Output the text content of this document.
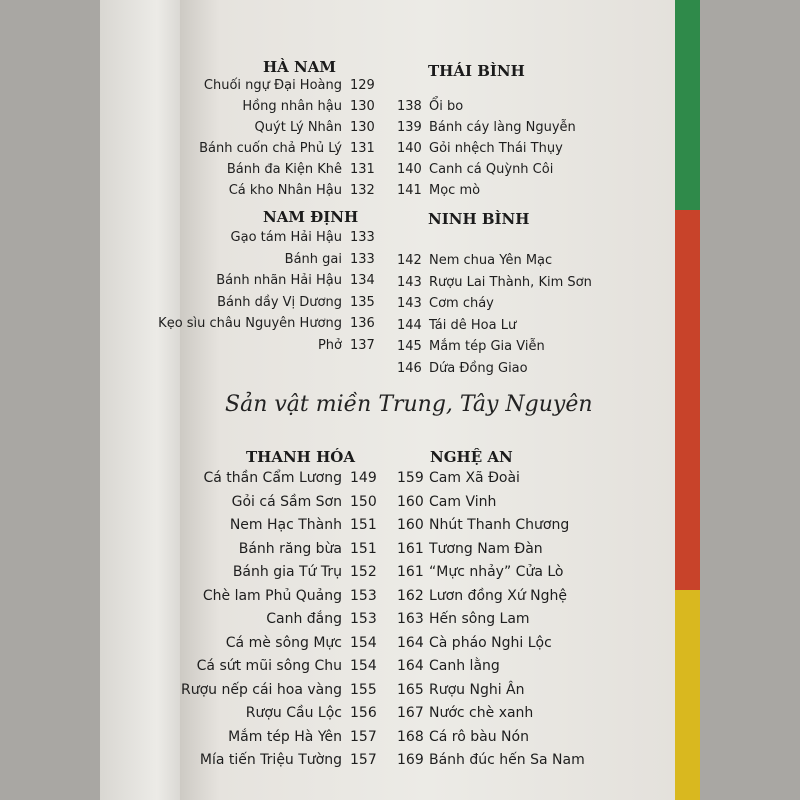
HÀ NAM
Chuối ngự Đại Hoàng 129
Hồng nhân hậu 130
Quýt Lý Nhân 130
Bánh cuốn chả Phủ Lý 131
Bánh đa Kiện Khê 131
Cá kho Nhân Hậu 132
THÁI BÌNH
Ổi bo
138
Bánh cáy làng Nguyễn
139
Gỏi nhệch Thái Thụy
140
Canh cá Quỳnh Côi
140
Mọc mò
141
NAM ĐỊNH
Gạo tám Hải Hậu 133
Bánh gai 133
Bánh nhãn Hải Hậu 134
Bánh dầy Vị Dương 135
Kẹo sìu châu Nguyên Hương 136
Phở 137
NINH BÌNH
Nem chua Yên Mạc
142
Rượu Lai Thành, Kim Sơn
143
Cơm cháy
143
Tái dê Hoa Lư
144
Mắm tép Gia Viễn
145
Dứa Đồng Giao
146
THANH HÓA
Cá thần Cẩm Lương 149
Gỏi cá Sầm Sơn 150
Nem Hạc Thành 151
Bánh răng bừa 151
Bánh gia Tứ Trụ 152
Chè lam Phủ Quảng 153
Canh đắng 153
Cá mè sông Mực 154
Cá sứt mũi sông Chu 154
Rượu nếp cái hoa vàng 155
Rượu Cầu Lộc 156
Mắm tép Hà Yên 157
Mía tiến Triệu Tường 157
NGHỆ AN
Cam Xã Đoài
159
Cam Vinh
160
Nhút Thanh Chương
160
Tương Nam Đàn
161
“Mực nhảy” Cửa Lò
161
Lươn đồng Xứ Nghệ
162
Hến sông Lam
163
Cà pháo Nghi Lộc
164
Canh lằng
164
Rượu Nghi Ân
165
Nước chè xanh
167
Cá rô bàu Nón
168
Bánh đúc hến Sa Nam
169
Sản vật miền Trung, Tây Nguyên
